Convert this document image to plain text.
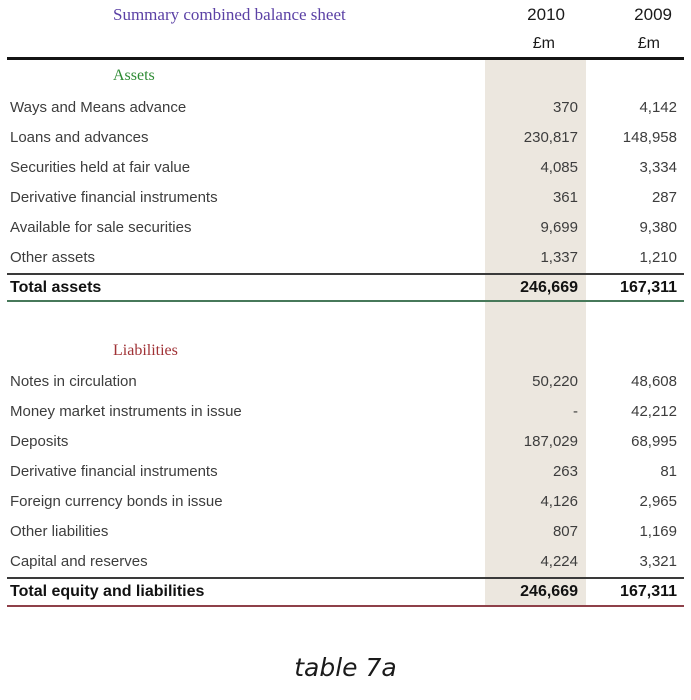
Summary combined balance sheet	2010	2009
£m	£m
Assets
Ways and Means advance	370	4,142
Loans and advances	230,817	148,958
Securities held at fair value	4,085	3,334
Derivative financial instruments	361	287
Available for sale securities	9,699	9,380
Other assets	1,337	1,210
Total assets	246,669	167,311
Liabilities
Notes in circulation	50,220	48,608
Money market instruments in issue	-	42,212
Deposits	187,029	68,995
Derivative financial instruments	263	81
Foreign currency bonds in issue	4,126	2,965
Other liabilities	807	1,169
Capital and reserves	4,224	3,321
Total equity and liabilities	246,669	167,311
table 7a
